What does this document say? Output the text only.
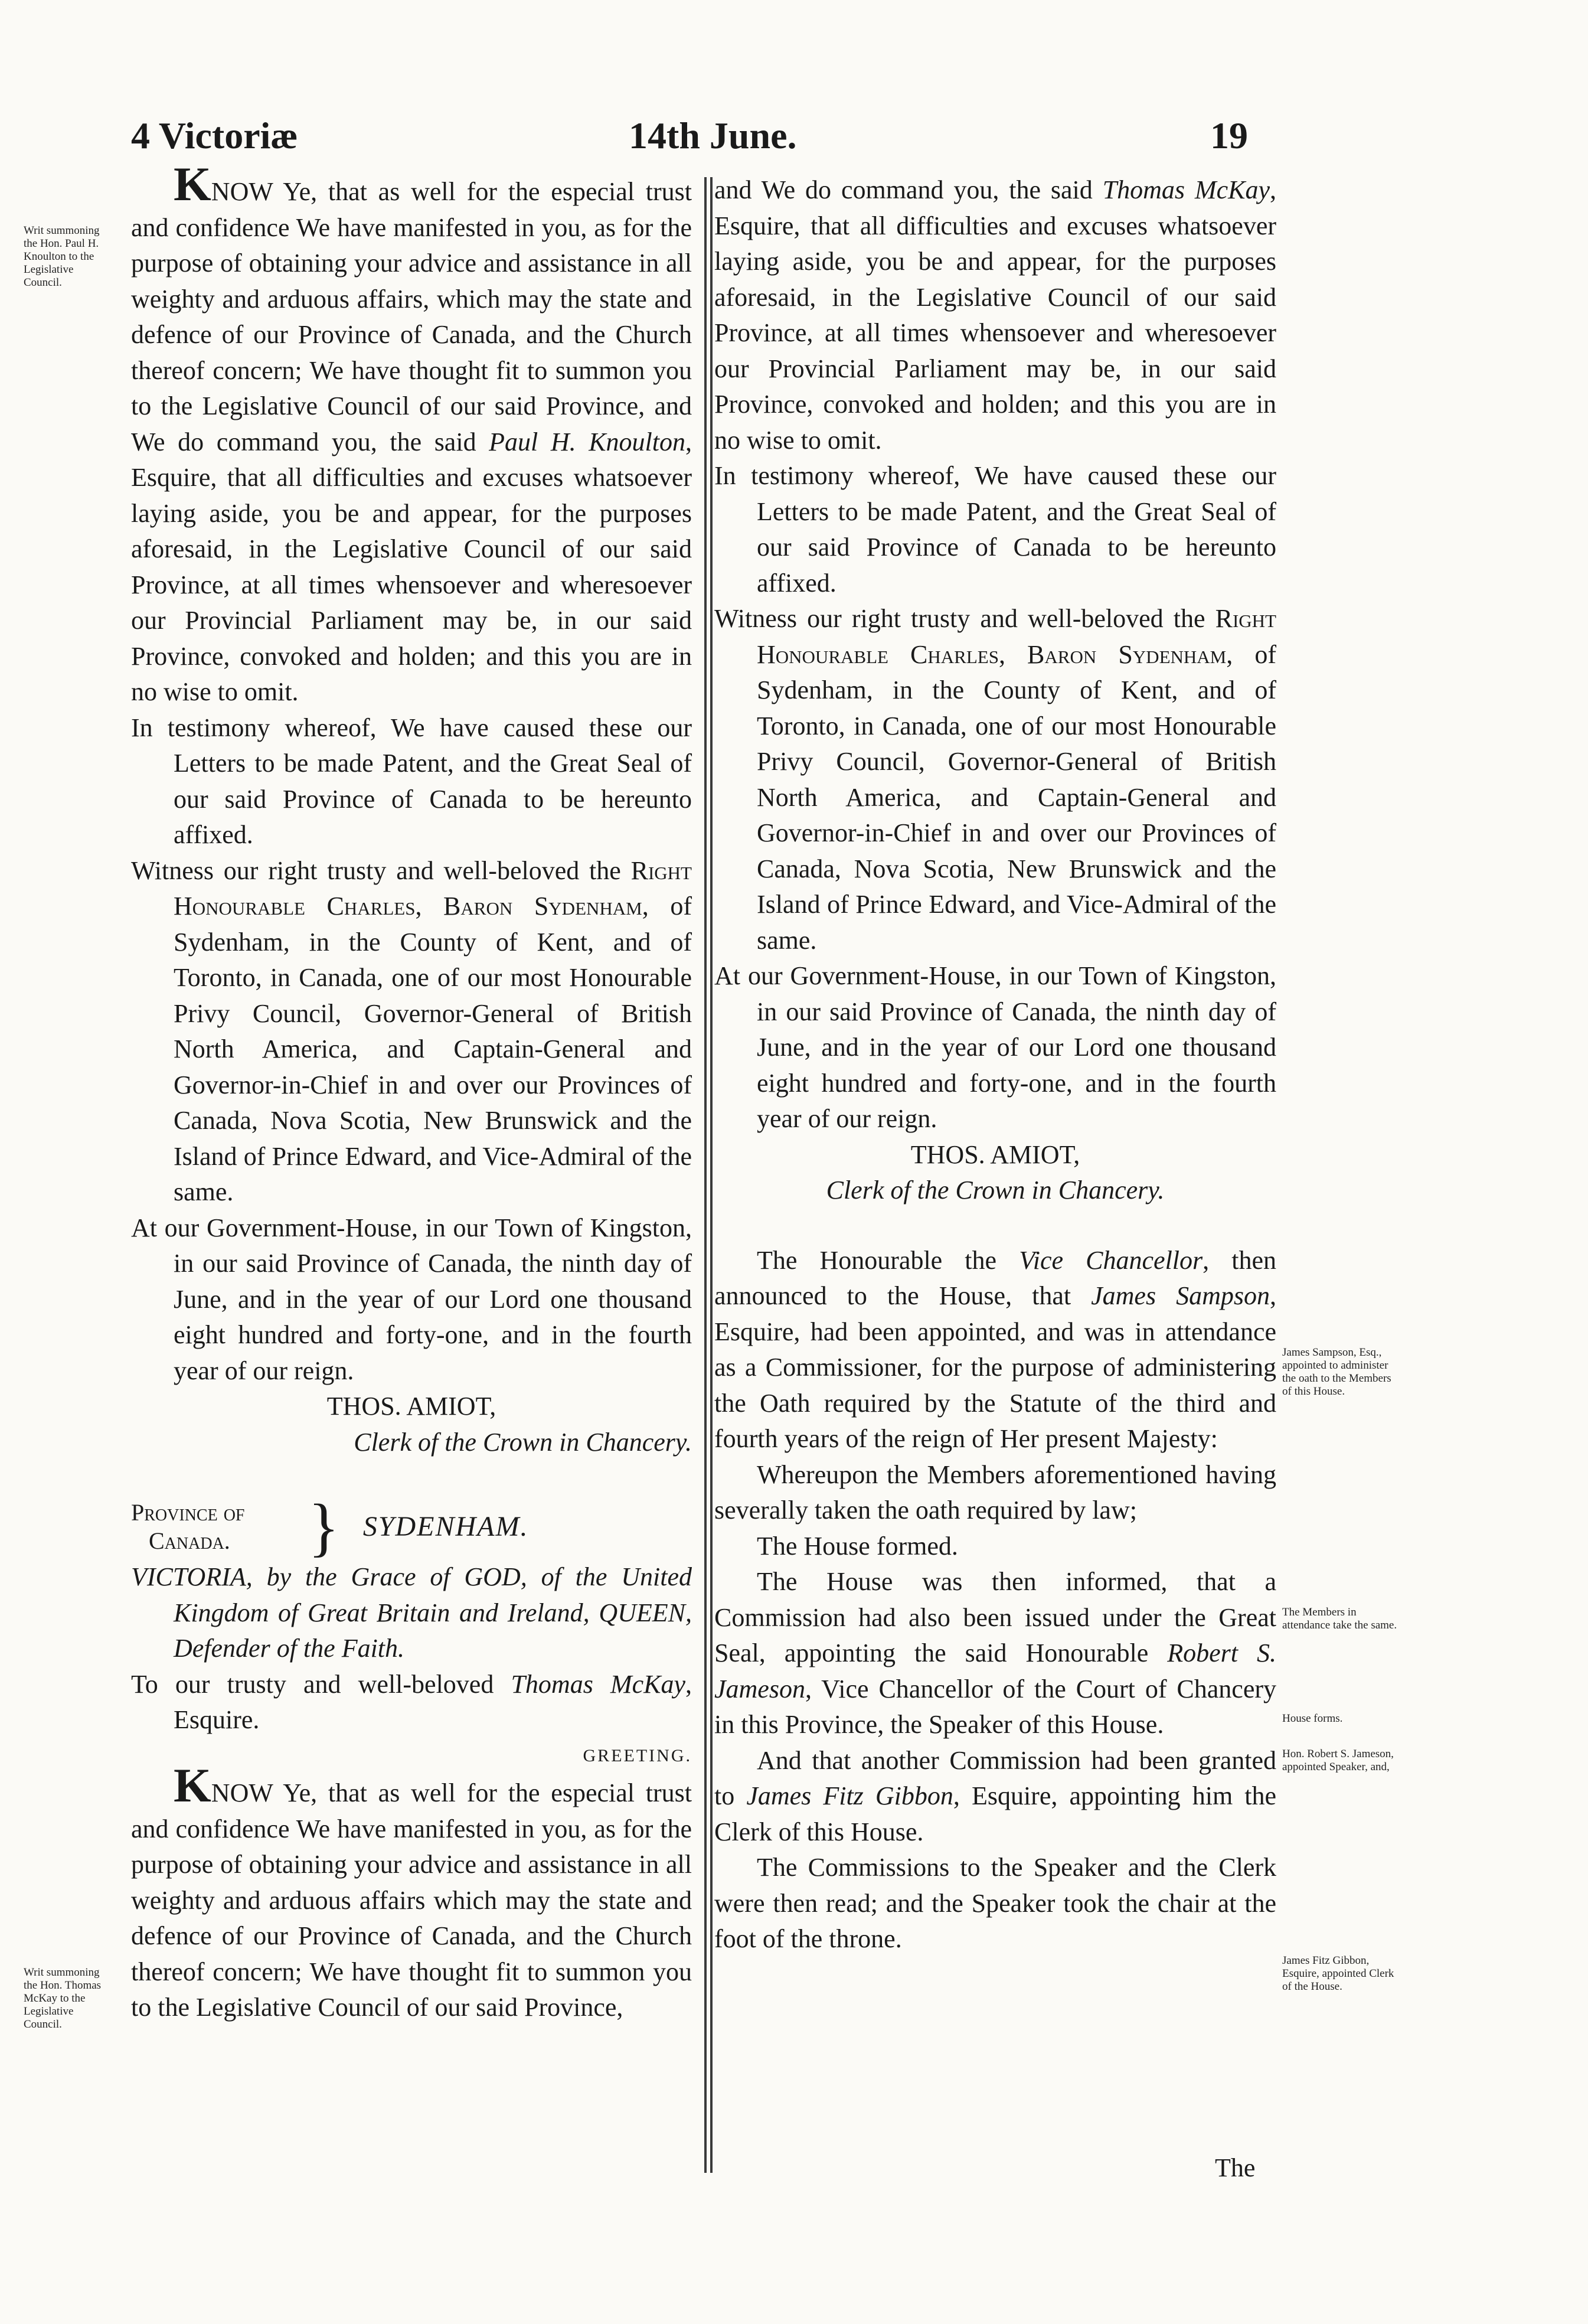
4 Victoriæ	14th June.	19

KNOW Ye, that as well for the especial trust and confidence We have manifested in you, as for the purpose of obtaining your advice and assistance in all weighty and arduous affairs, which may the state and defence of our Province of Canada, and the Church thereof concern; We have thought fit to summon you to the Legislative Council of our said Province, and We do command you, the said Paul H. Knoulton, Esquire, that all difficulties and excuses whatsoever laying aside, you be and appear, for the purposes aforesaid, in the Legislative Council of our said Province, at all times whensoever and wheresoever our Provincial Parliament may be, in our said Province, convoked and holden; and this you are in no wise to omit.

In testimony whereof, We have caused these our Letters to be made Patent, and the Great Seal of our said Province of Canada to be hereunto affixed.

Witness our right trusty and well-beloved the Right Honourable Charles, Baron Sydenham, of Sydenham, in the County of Kent, and of Toronto, in Canada, one of our most Honourable Privy Council, Governor-General of British North America, and Captain-General and Governor-in-Chief in and over our Provinces of Canada, Nova Scotia, New Brunswick and the Island of Prince Edward, and Vice-Admiral of the same.

At our Government-House, in our Town of Kingston, in our said Province of Canada, the ninth day of June, and in the year of our Lord one thousand eight hundred and forty-one, and in the fourth year of our reign.

THOS. AMIOT,

Clerk of the Crown in Chancery.

Province of
Canada.	} SYDENHAM.

VICTORIA, by the Grace of GOD, of the United Kingdom of Great Britain and Ireland, QUEEN, Defender of the Faith.

To our trusty and well-beloved Thomas McKay, Esquire.

GREETING.

KNOW Ye, that as well for the especial trust and confidence We have manifested in you, as for the purpose of obtaining your advice and assistance in all weighty and arduous affairs which may the state and defence of our Province of Canada, and the Church thereof concern; We have thought fit to summon you to the Legislative Council of our said Province,

and We do command you, the said Thomas McKay, Esquire, that all difficulties and excuses whatsoever laying aside, you be and appear, for the purposes aforesaid, in the Legislative Council of our said Province, at all times whensoever and wheresoever our Provincial Parliament may be, in our said Province, convoked and holden; and this you are in no wise to omit.

In testimony whereof, We have caused these our Letters to be made Patent, and the Great Seal of our said Province of Canada to be hereunto affixed.

Witness our right trusty and well-beloved the Right Honourable Charles, Baron Sydenham, of Sydenham, in the County of Kent, and of Toronto, in Canada, one of our most Honourable Privy Council, Governor-General of British North America, and Captain-General and Governor-in-Chief in and over our Provinces of Canada, Nova Scotia, New Brunswick and the Island of Prince Edward, and Vice-Admiral of the same.

At our Government-House, in our Town of Kingston, in our said Province of Canada, the ninth day of June, and in the year of our Lord one thousand eight hundred and forty-one, and in the fourth year of our reign.

THOS. AMIOT,

Clerk of the Crown in Chancery.

The Honourable the Vice Chancellor, then announced to the House, that James Sampson, Esquire, had been appointed, and was in attendance as a Commissioner, for the purpose of administering the Oath required by the Statute of the third and fourth years of the reign of Her present Majesty:

Whereupon the Members aforementioned having severally taken the oath required by law;

The House formed.

The House was then informed, that a Commission had also been issued under the Great Seal, appointing the said Honourable Robert S. Jameson, Vice Chancellor of the Court of Chancery in this Province, the Speaker of this House.

And that another Commission had been granted to James Fitz Gibbon, Esquire, appointing him the Clerk of this House.

The Commissions to the Speaker and the Clerk were then read; and the Speaker took the chair at the foot of the throne.

The
Writ summoning the Hon. Paul H. Knoulton to the Legislative Council.
Writ summoning the Hon. Thomas McKay to the Legislative Council.
James Sampson, Esq., appointed to administer the oath to the Members of this House.
The Members in attendance take the same.
House forms.
Hon. Robert S. Jameson, appointed Speaker, and,
James Fitz Gibbon, Esquire, appointed Clerk of the House.
